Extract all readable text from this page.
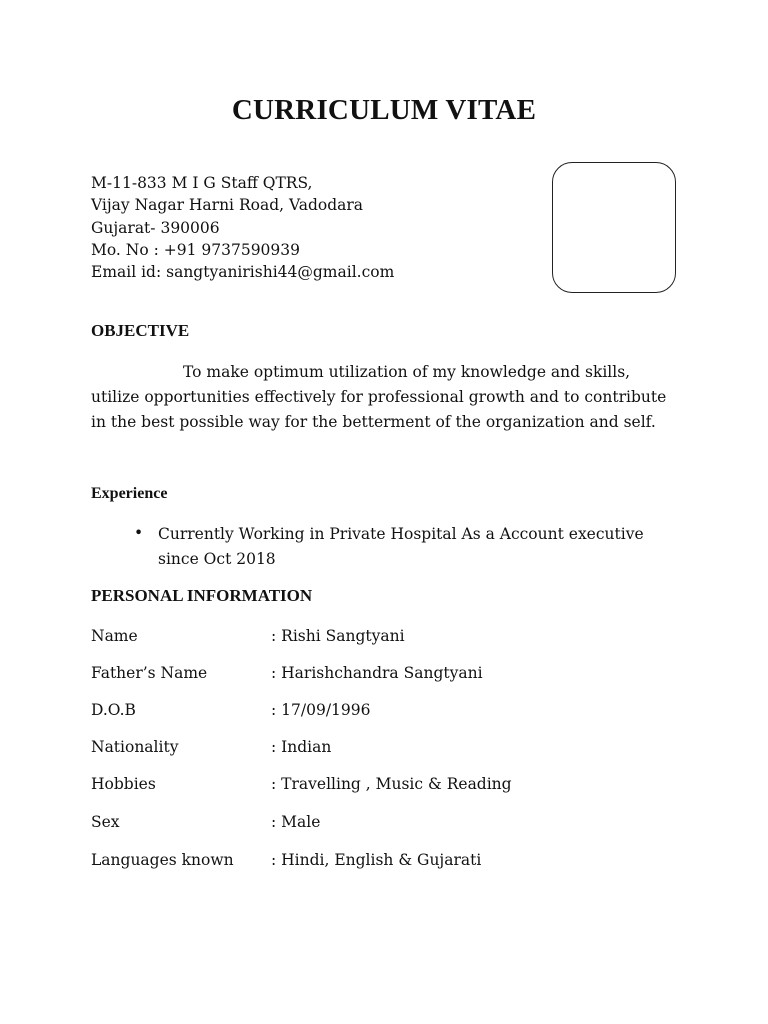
CURRICULUM VITAE
M-11-833 M I G Staff QTRS,
Vijay Nagar Harni Road, Vadodara
Gujarat- 390006
Mo. No : +91 9737590939
Email id: sangtyanirishi44@gmail.com
OBJECTIVE
To make optimum utilization of my knowledge and skills, utilize opportunities effectively for professional growth and to contribute in the best possible way for the betterment of the organization and self.
Experience
• Currently Working in Private Hospital As a Account executive since Oct 2018
PERSONAL INFORMATION
Name	: Rishi Sangtyani
Father’s Name	: Harishchandra Sangtyani
D.O.B	: 17/09/1996
Nationality	: Indian
Hobbies	: Travelling , Music & Reading
Sex	: Male
Languages known : Hindi, English & Gujarati
